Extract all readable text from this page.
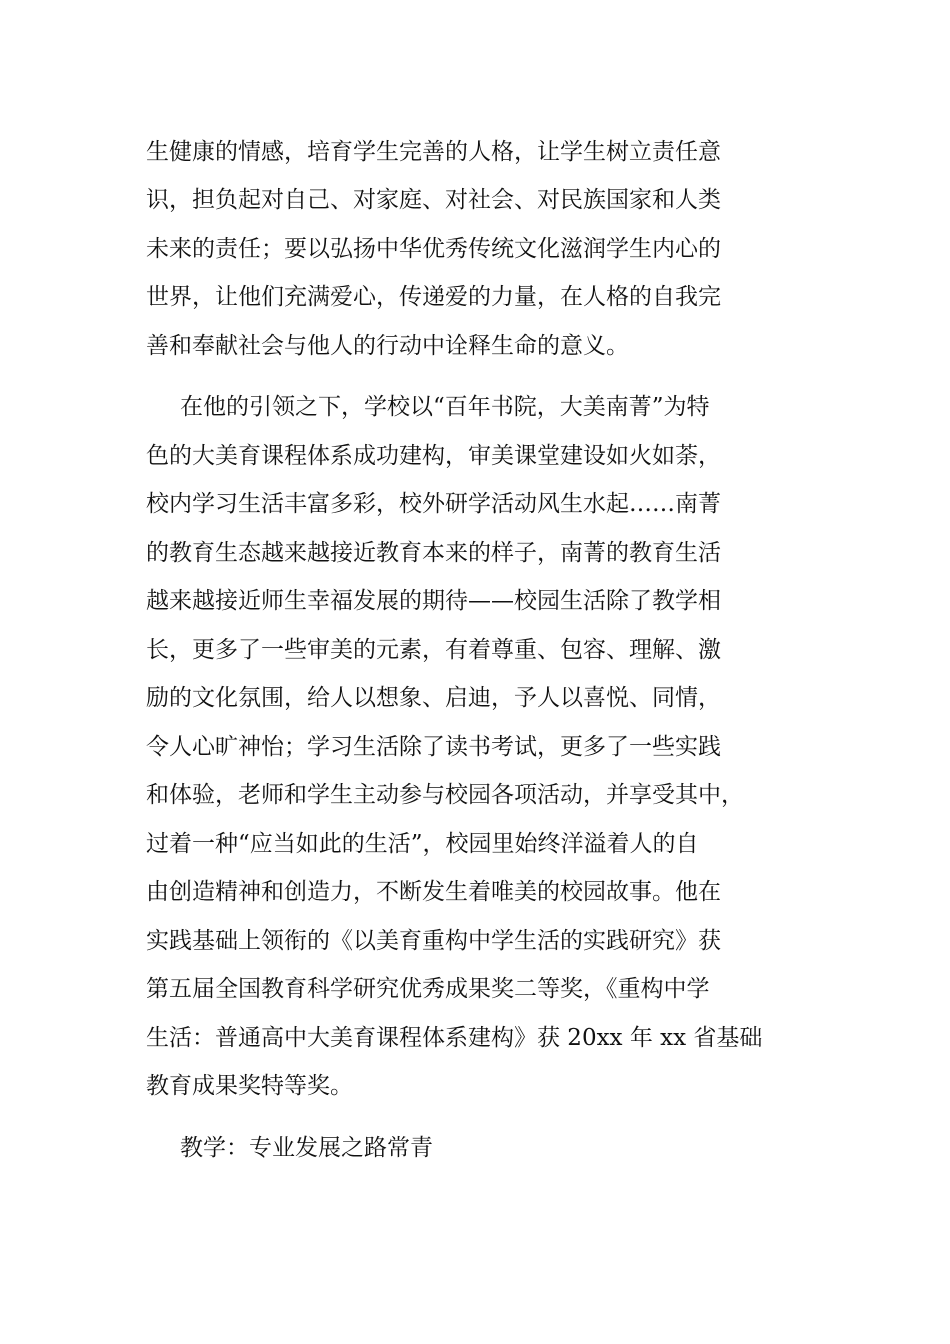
生健康的情感，培育学生完善的人格，让学生树立责任意
识，担负起对自己、对家庭、对社会、对民族国家和人类
未来的责任；要以弘扬中华优秀传统文化滋润学生内心的
世界，让他们充满爱心，传递爱的力量，在人格的自我完
善和奉献社会与他人的行动中诠释生命的意义。
在他的引领之下，学校以“百年书院，大美南菁”为特
色的大美育课程体系成功建构，审美课堂建设如火如荼，
校内学习生活丰富多彩，校外研学活动风生水起……南菁
的教育生态越来越接近教育本来的样子，南菁的教育生活
越来越接近师生幸福发展的期待——校园生活除了教学相
长，更多了一些审美的元素，有着尊重、包容、理解、激
励的文化氛围，给人以想象、启迪，予人以喜悦、同情，
令人心旷神怡；学习生活除了读书考试，更多了一些实践
和体验，老师和学生主动参与校园各项活动，并享受其中，
过着一种“应当如此的生活”，校园里始终洋溢着人的自
由创造精神和创造力，不断发生着唯美的校园故事。他在
实践基础上领衔的《以美育重构中学生活的实践研究》获
第五届全国教育科学研究优秀成果奖二等奖，《重构中学
生活：普通高中大美育课程体系建构》获 20xx 年 xx 省基础
教育成果奖特等奖。
教学：专业发展之路常青
